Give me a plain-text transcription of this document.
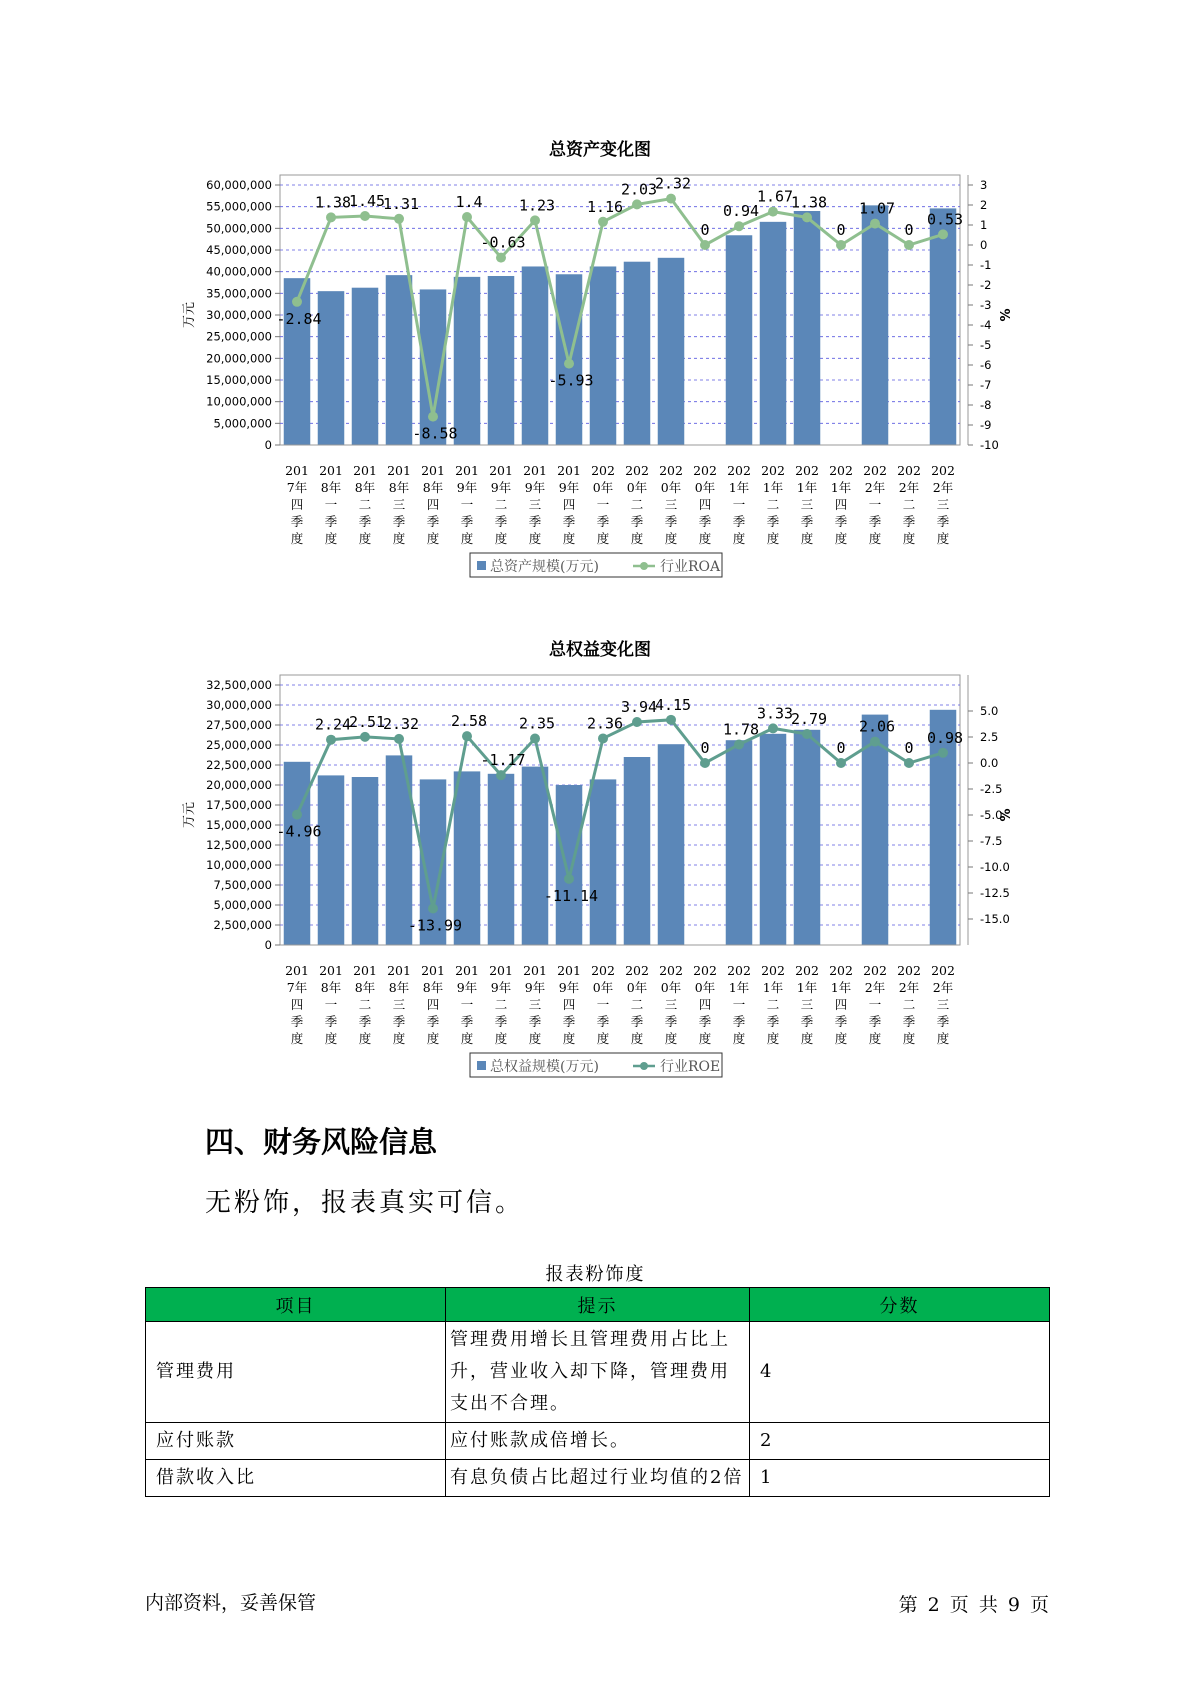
总资产变化图
60,000,000
55,000,000
50,000,000
45,000,000
40,000,000
35,000,000
30,000,000
25,000,000
20,000,000
15,000,000
10,000,000
5,000,000
0
万元
3
2
1
0
-1
-2
-3
-4
-5
-6
-7
-8
-9
-10
%
-2.84
1.38
1.45
1.31
-8.58
1.4
-0.63
1.23
-5.93
1.16
2.03
2.32
0
0.94
1.67
1.38
0
1.07
0
0.53
201
7年
四
季
度
201
8年
一
季
度
201
8年
二
季
度
201
8年
三
季
度
201
8年
四
季
度
201
9年
一
季
度
201
9年
二
季
度
201
9年
三
季
度
201
9年
四
季
度
202
0年
一
季
度
202
0年
二
季
度
202
0年
三
季
度
202
0年
四
季
度
202
1年
一
季
度
202
1年
二
季
度
202
1年
三
季
度
202
1年
四
季
度
202
2年
一
季
度
202
2年
二
季
度
202
2年
三
季
度
总资产规模(万元)	行业ROA
总权益变化图
32,500,000
30,000,000
27,500,000
25,000,000
22,500,000
20,000,000
17,500,000
15,000,000
12,500,000
10,000,000
7,500,000
5,000,000
2,500,000
0
万元
5.0
2.5
0.0
-2.5
-5.0
-7.5
-10.0
-12.5
-15.0
%
-4.96
2.24
2.51
2.32
-13.99
2.58
-1.17
2.35
-11.14
2.36
3.94
4.15
0
1.78
3.33
2.79
0
2.06
0
0.98
201
7年
四
季
度
201
8年
一
季
度
201
8年
二
季
度
201
8年
三
季
度
201
8年
四
季
度
201
9年
一
季
度
201
9年
二
季
度
201
9年
三
季
度
201
9年
四
季
度
202
0年
一
季
度
202
0年
二
季
度
202
0年
三
季
度
202
0年
四
季
度
202
1年
一
季
度
202
1年
二
季
度
202
1年
三
季
度
202
1年
四
季
度
202
2年
一
季
度
202
2年
二
季
度
202
2年
三
季
度
总权益规模(万元)	行业ROE
四、财务风险信息

无粉饰，报表真实可信。

报表粉饰度
项目	提示	分数
管理费用	管理费用增长且管理费用占比上升，营业收入却下降，管理费用支出不合理。	4
应付账款	应付账款成倍增长。	2
借款收入比	有息负债占比超过行业均值的2倍	1
内部资料，妥善保管	第 2 页 共 9 页
